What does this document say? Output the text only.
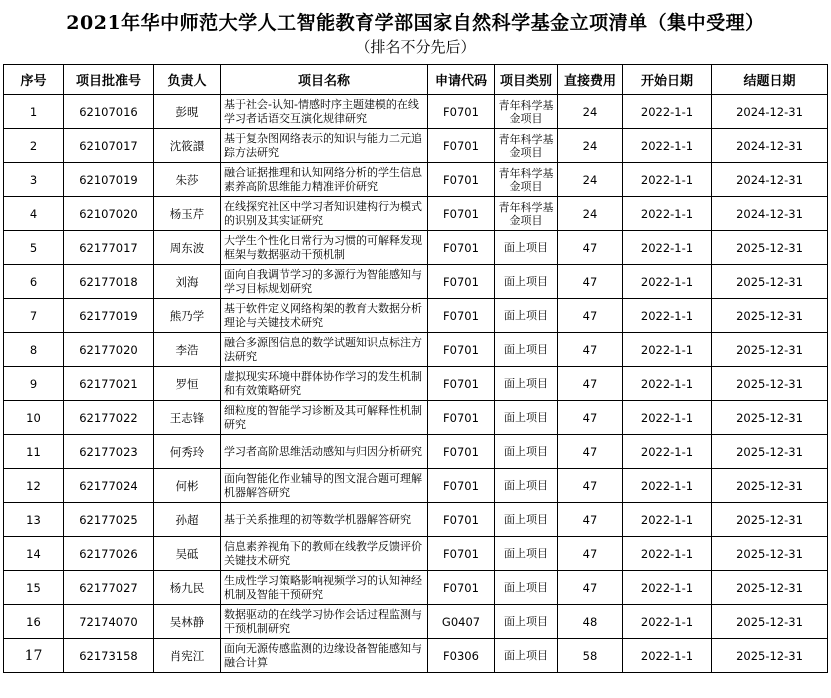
2021年华中师范大学人工智能教育学部国家自然科学基金立项清单（集中受理）
（排名不分先后）
序号	项目批准号	负责人	项目名称	申请代码	项目类别	直接费用	开始日期	结题日期
1	62107016	彭晛	基于社会-认知-情感时序主题建模的在线学习者话语交互演化规律研究	F0701	青年科学基金项目	24	2022-1-1	2024-12-31
2	62107017	沈筱譞	基于复杂图网络表示的知识与能力二元追踪方法研究	F0701	青年科学基金项目	24	2022-1-1	2024-12-31
3	62107019	朱莎	融合证据推理和认知网络分析的学生信息素养高阶思维能力精准评价研究	F0701	青年科学基金项目	24	2022-1-1	2024-12-31
4	62107020	杨玉芹	在线探究社区中学习者知识建构行为模式的识别及其实证研究	F0701	青年科学基金项目	24	2022-1-1	2024-12-31
5	62177017	周东波	大学生个性化日常行为习惯的可解释发现框架与数据驱动干预机制	F0701	面上项目	47	2022-1-1	2025-12-31
6	62177018	刘海	面向自我调节学习的多源行为智能感知与学习目标规划研究	F0701	面上项目	47	2022-1-1	2025-12-31
7	62177019	熊乃学	基于软件定义网络构架的教育大数据分析理论与关键技术研究	F0701	面上项目	47	2022-1-1	2025-12-31
8	62177020	李浩	融合多源图信息的数学试题知识点标注方法研究	F0701	面上项目	47	2022-1-1	2025-12-31
9	62177021	罗恒	虚拟现实环境中群体协作学习的发生机制和有效策略研究	F0701	面上项目	47	2022-1-1	2025-12-31
10	62177022	王志锋	细粒度的智能学习诊断及其可解释性机制研究	F0701	面上项目	47	2022-1-1	2025-12-31
11	62177023	何秀玲	学习者高阶思维活动感知与归因分析研究	F0701	面上项目	47	2022-1-1	2025-12-31
12	62177024	何彬	面向智能化作业辅导的图文混合题可理解机器解答研究	F0701	面上项目	47	2022-1-1	2025-12-31
13	62177025	孙超	基于关系推理的初等数学机器解答研究	F0701	面上项目	47	2022-1-1	2025-12-31
14	62177026	吴砥	信息素养视角下的教师在线教学反馈评价关键技术研究	F0701	面上项目	47	2022-1-1	2025-12-31
15	62177027	杨九民	生成性学习策略影响视频学习的认知神经机制及智能干预研究	F0701	面上项目	47	2022-1-1	2025-12-31
16	72174070	吴林静	数据驱动的在线学习协作会话过程监测与干预机制研究	G0407	面上项目	48	2022-1-1	2025-12-31
17	62173158	肖宪江	面向无源传感监测的边缘设备智能感知与融合计算	F0306	面上项目	58	2022-1-1	2025-12-31
